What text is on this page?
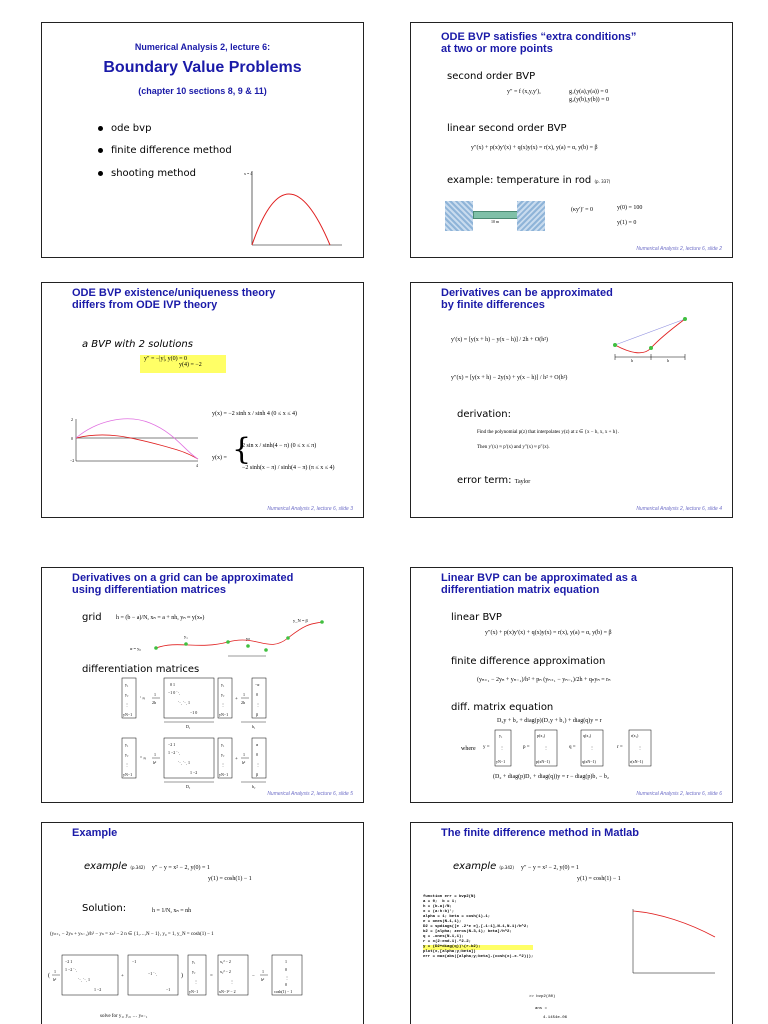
Numerical Analysis 2, lecture 6:
Boundary Value Problems
(chapter 10 sections 8, 9 & 11)
ode bvp
finite difference method
shooting method	x = 4
ODE BVP satisfies “extra conditions”
at two or more points
second order BVP
y″ = f (x,y,y′),	g₁(y(a),y(a)) = 0
g₂(y(b),y(b)) = 0
linear second order BVP
y″(x) + p(x)y′(x) + q(x)y(x) = r(x), y(a) = α, y(b) = β
example: temperature in rod (p. 337)
10 m
(κy′)′ = 0	y(0) = 100
y(1) = 0
Numerical Analysis 2, lecture 6, slide 2
ODE BVP existence/uniqueness theory
differs from ODE IVP theory
a BVP with 2 solutions
y″ = −|y|, y(0) = 0
y(4) = −2
y(x) = −2 sinh x / sinh 4 (0 ≤ x ≤ 4)
y(x) = {
2 sin x / sinh(4 − π) (0 ≤ x ≤ π)
−2 sinh(x − π) / sinh(4 − π) (π ≤ x ≤ 4)
2
0
−2
4
Numerical Analysis 2, lecture 6, slide 3
Derivatives can be approximated
by finite differences
y′(x) = [y(x + h) − y(x − h)] / 2h + O(h²)
y″(x) = [y(x + h) − 2y(x) + y(x − h)] / h² + O(h²)
h	h
derivation:
Find the polynomial p(z) that interpolates y(z) at z ∈ {x − h, x, x + h}.
Then y′(x) ≈ p′(x) and y″(x) ≈ p″(x).
error term: Taylor
Numerical Analysis 2, lecture 6, slide 4
Derivatives on a grid can be approximated
using differentiation matrices
grid h = (b − a)/N, xₙ = a + nh, yₙ ≈ y(xₙ)
α = y₀
y_N = β
y₁	yₙ
differentiation matrices
y₁
y₂
⋮
yN−1
′ ≈
1
2h
0 1
−1 0 ⋱
⋱ ⋱ 1
−1 0
y₁
y₂
⋮
yN−1
+
1
2h
−α
0
⋮
β
D₁	b₁
y₁
y₂
⋮
yN−1
″ ≈
1
h²
−2 1
1 −2 ⋱
⋱ ⋱ 1
1 −2
y₁
y₂
⋮
yN−1
+
1
h²
α
0
⋮
β
D₂	b₂
Numerical Analysis 2, lecture 6, slide 5
Linear BVP can be approximated as a
differentiation matrix equation
linear BVP
y″(x) + p(x)y′(x) + q(x)y(x) = r(x), y(a) = α, y(b) = β
finite difference approximation
(yₙ₊₁ − 2yₙ + yₙ₋₁)/h² + pₙ (yₙ₊₁ − yₙ₋₁)/2h + qₙyₙ = rₙ
diff. matrix equation
D₂y + b₂ + diag(p)(D₁y + b₁) + diag(q)y = r
where y =
y₁
⋮
yN−1
p =
p(x₁)
⋮
p(xN−1)
q =
q(x₁)
⋮
q(xN−1)
r =
r(x₁)
⋮
r(xN−1)
(D₂ + diag(p)D₁ + diag(q))y = r − diag(p)b₁ − b₂
Numerical Analysis 2, lecture 6, slide 6
Example
example (p.342) y″ − y = x² − 2, y(0) = 1
y(1) = cosh(1) − 1
Solution:	h = 1/N, xₙ = nh
(yₙ₊₁ − 2yₙ + yₙ₋₁)/h² − yₙ = xₙ² − 2 n ∈ {1,…,N − 1}, y₀ = 1, y_N = cosh(1) − 1
(
1
h²
−2 1
1 −2 ⋱
⋱ ⋱ 1
1 −2
+
−1
−1 ⋱
−1
)
y₁
y₂
⋮
yN−1
=
x₁² − 2
x₂² − 2
⋮
xN−1² − 2
−
1
h²
1
0
⋮
0
cosh(1) − 1
solve for y₁, y₂, … yₙ₋₁
The finite difference method in Matlab
example (p.342) y″ − y = x² − 2, y(0) = 1
y(1) = cosh(1) − 1
function err = bvp2(N)
a = 0;  b = 1;
h = (b-a)/N;
x = (a:h:b)';
alpha = 1; beta = cosh(1)-1;
e = ones(N-1,1);
D2 = spdiags([e -2*e e],[-1:1],N-1,N-1)/h^2;
b2 = [alpha; zeros(N-3,1); beta]/h^2;
q = -ones(N-1,1);
r = x(2:end-1).^2-2;
y = (D2+diag(q))\(r-b2);
plot(x,[alpha;y;beta])
err = max(abs([alpha;y;beta]-(cosh(x)-x.^2)));
>> bvp2(80)
ans =
4.1454e-06
